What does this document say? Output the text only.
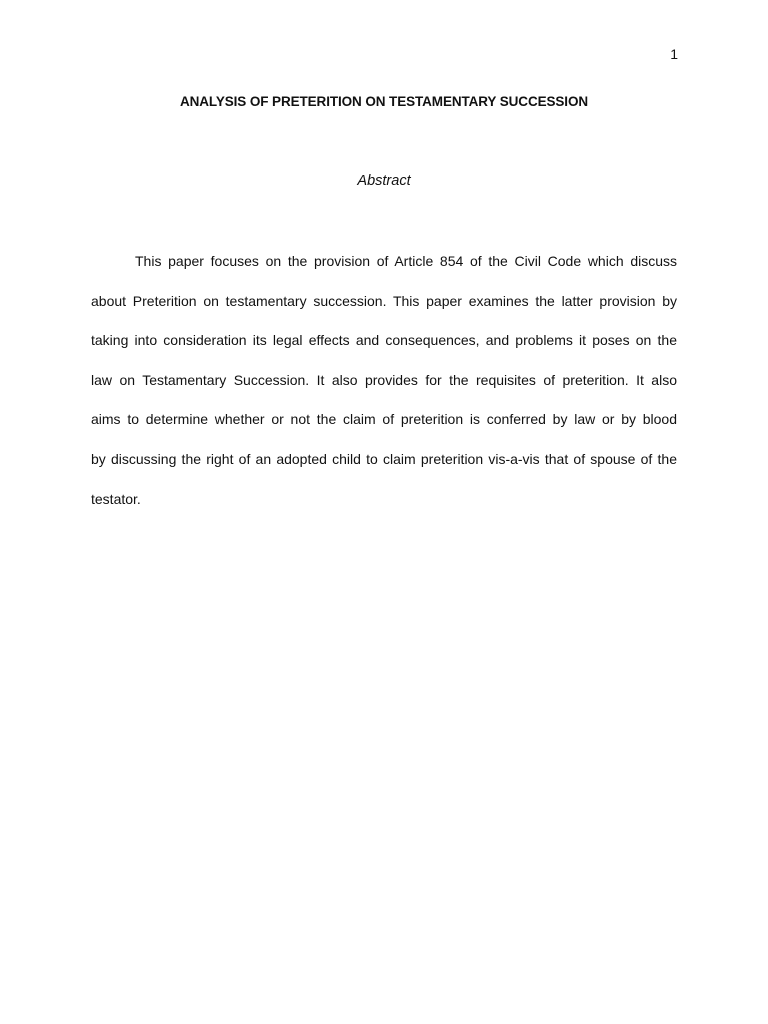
1
ANALYSIS OF PRETERITION ON TESTAMENTARY SUCCESSION
Abstract
This paper focuses on the provision of Article 854 of the Civil Code which discuss
about Preterition on testamentary succession. This paper examines the latter provision by
taking into consideration its legal effects and consequences, and problems it poses on the
law on Testamentary Succession. It also provides for the requisites of preterition. It also
aims to determine whether or not the claim of preterition is conferred by law or by blood
by discussing the right of an adopted child to claim preterition vis-a-vis that of spouse of the
testator.
